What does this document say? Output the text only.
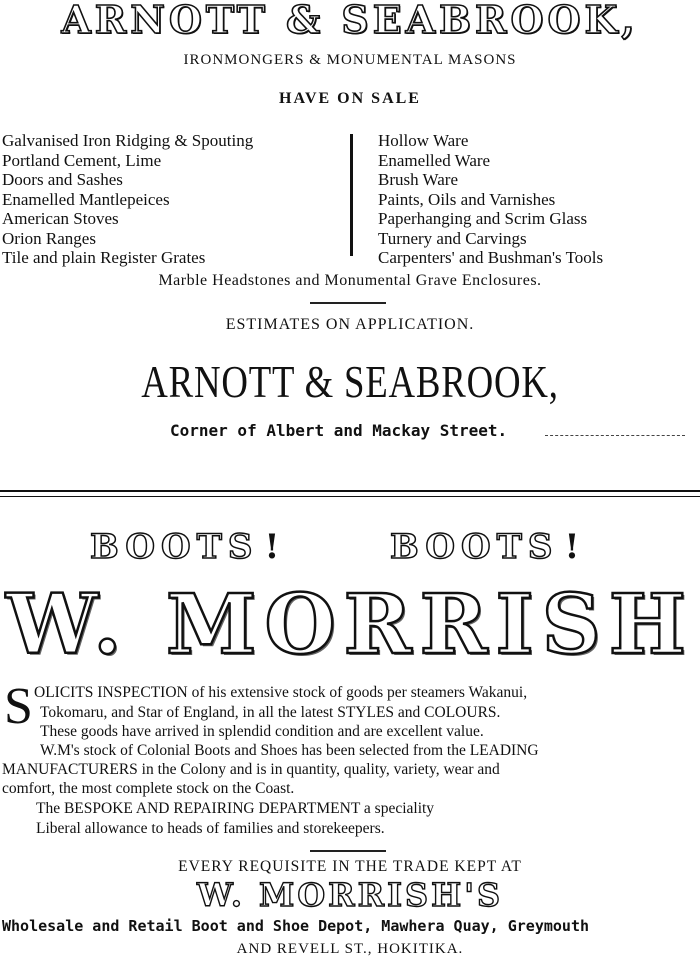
ARNOTT & SEABROOK,
IRONMONGERS & MONUMENTAL MASONS
HAVE ON SALE
Galvanised Iron Ridging & Spouting
Portland Cement, Lime
Doors and Sashes
Enamelled Mantlepeices
American Stoves
Orion Ranges
Tile and plain Register Grates
Hollow Ware
Enamelled Ware
Brush Ware
Paints, Oils and Varnishes
Paperhanging and Scrim Glass
Turnery and Carvings
Carpenters' and Bushman's Tools
Marble Headstones and Monumental Grave Enclosures.
ESTIMATES ON APPLICATION.
ARNOTT & SEABROOK,
Corner of Albert and Mackay Street.
BOOTS !	BOOTS !
W. MORRISH
S OLICITS INSPECTION of his extensive stock of goods per steamers Wakanui,
Tokomaru, and Star of England, in all the latest STYLES and COLOURS.
These goods have arrived in splendid condition and are excellent value.
W.M's stock of Colonial Boots and Shoes has been selected from the LEADING
MANUFACTURERS in the Colony and is in quantity, quality, variety, wear and
comfort, the most complete stock on the Coast.
The BESPOKE AND REPAIRING DEPARTMENT a speciality
Liberal allowance to heads of families and storekeepers.
EVERY REQUISITE IN THE TRADE KEPT AT
W. MORRISH'S
Wholesale and Retail Boot and Shoe Depot, Mawhera Quay, Greymouth
AND REVELL ST., HOKITIKA.
